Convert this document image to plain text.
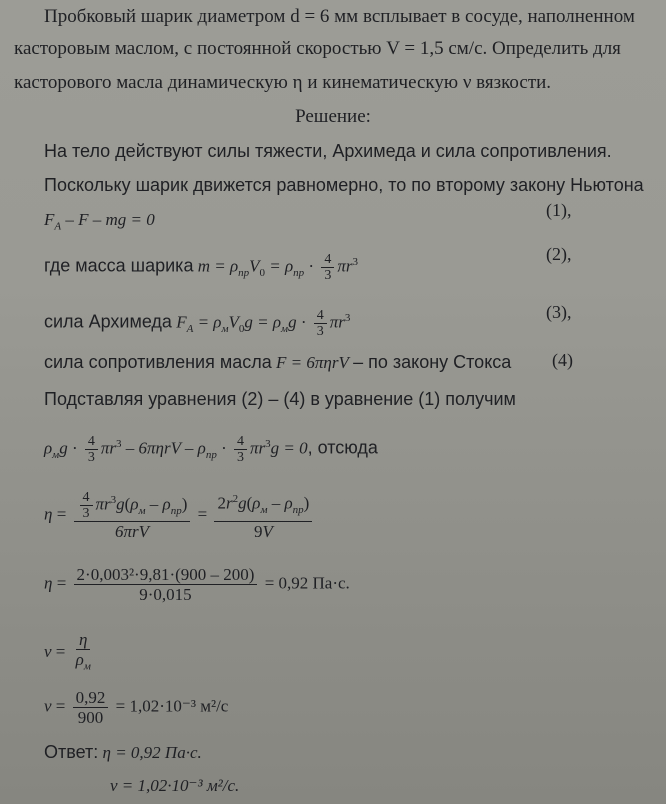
Пробковый шарик диаметром d = 6 мм всплывает в сосуде, наполненном
касторовым маслом, с постоянной скоростью V = 1,5 см/с. Определить для
касторового масла динамическую η и кинематическую ν вязкости.
Решение:
На тело действуют силы тяжести, Архимеда и сила сопротивления.
Поскольку шарик движется равномерно, то по второму закону Ньютона
$F_A$ – F – mg = 0	(1),
где масса шарика $m = \rho_{пр}V_0 = \rho_{пр} \cdot \frac{4}{3} \pi r^3$	(2),
сила Архимеда $F_A = \rho_мV_0g = \rho_мg \cdot \frac{4}{3} \pi r^3$	(3),
сила сопротивления масла F = 6πηrV – по закону Стокса (4)
Подставляя уравнения (2) – (4) в уравнение (1) получим
$\rho_мg \cdot \frac{4}{3} \pi r^3 - 6\pi\eta rV - \rho_{пр} \cdot \frac{4}{3} \pi r^3g = 0$, отсюда
$\eta = \frac{4}{3} \pi r^3g(\rho_м - \rho_{пр})$
6πrV
=
$2r^2g(\rho_м - \rho_{пр})$
9V
$\eta = \frac{\text{2·0,003²·9,81·(900 – 200)}}{9\cdot 0,015} = 0,92$ Па·с.
ν =
η
$\rho_м$
$\nu = \frac{0,92}{900} = 1,02\cdot 10^{-3}$ м²/с
Ответ: η = 0,92 Па·с.
ν = 1,02·10⁻³ м²/с.
